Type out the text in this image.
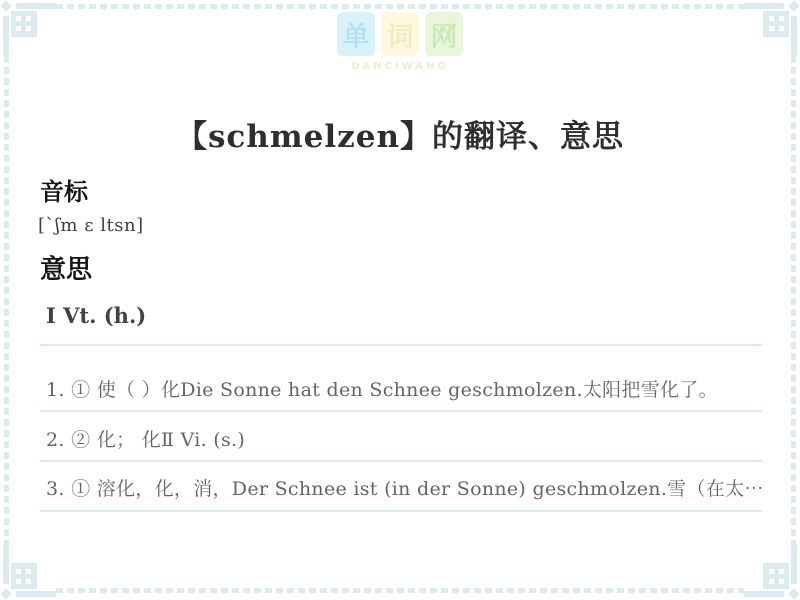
单 词 网
DANCIWANG
【schmelzen】的翻译、意思
音标
[`ʃm ɛ ltsn]
意思
I Vt. (h.)
1. ① 使（ ）化Die Sonne hat den Schnee geschmolzen.太阳把雪化了。
2. ② 化； 化Ⅱ Vi. (s.)
3. ① 溶化，化，消，Der Schnee ist (in der Sonne) geschmolzen.雪（在太⋯
